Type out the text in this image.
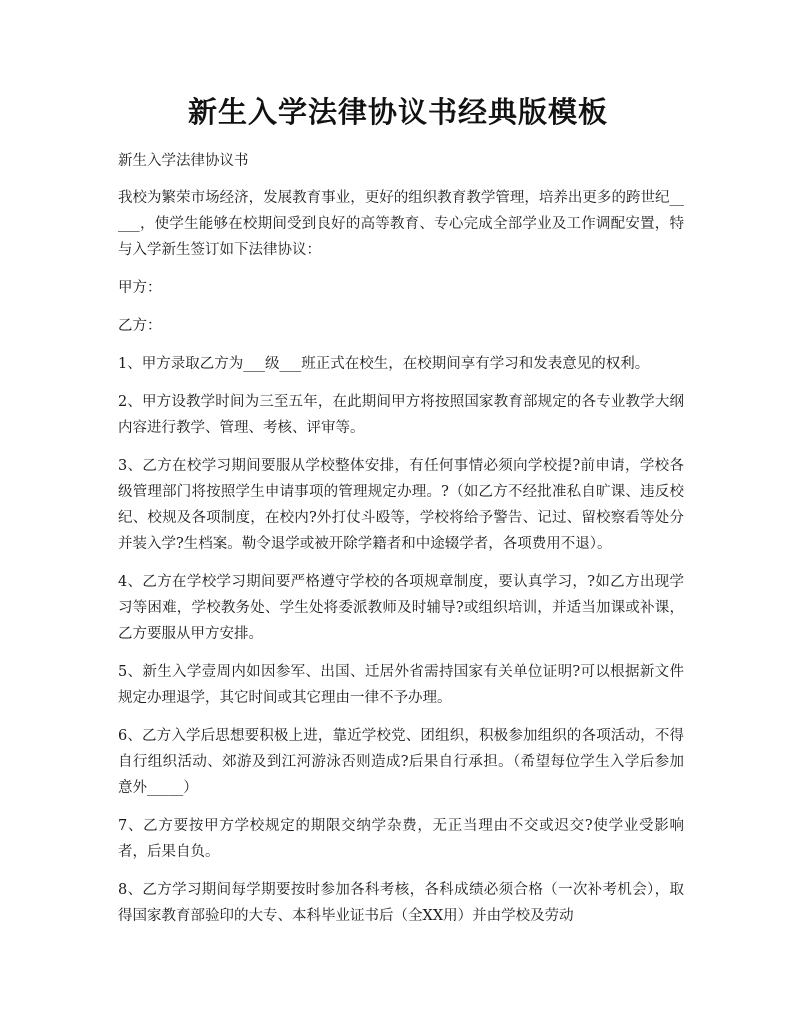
新生入学法律协议书经典版模板

新生入学法律协议书

我校为繁荣市场经济，发展教育事业，更好的组织教育教学管理，培养出更多的跨世纪_____，使学生能够在校期间受到良好的高等教育、专心完成全部学业及工作调配安置，特与入学新生签订如下法律协议：

甲方：

乙方：

1、甲方录取乙方为___级___班正式在校生，在校期间享有学习和发表意见的权利。

2、甲方设教学时间为三至五年，在此期间甲方将按照国家教育部规定的各专业教学大纲内容进行教学、管理、考核、评审等。

3、乙方在校学习期间要服从学校整体安排，有任何事情必须向学校提?前申请，学校各级管理部门将按照学生申请事项的管理规定办理。?（如乙方不经批准私自旷课、违反校纪、校规及各项制度，在校内?外打仗斗殴等，学校将给予警告、记过、留校察看等处分并装入学?生档案。勒令退学或被开除学籍者和中途辍学者，各项费用不退）。

4、乙方在学校学习期间要严格遵守学校的各项规章制度，要认真学习，?如乙方出现学习等困难，学校教务处、学生处将委派教师及时辅导?或组织培训，并适当加课或补课，乙方要服从甲方安排。

5、新生入学壹周内如因参军、出国、迁居外省需持国家有关单位证明?可以根据新文件规定办理退学，其它时间或其它理由一律不予办理。

6、乙方入学后思想要积极上进，靠近学校党、团组织，积极参加组织的各项活动，不得自行组织活动、郊游及到江河游泳否则造成?后果自行承担。（希望每位学生入学后参加意外_____）

7、乙方要按甲方学校规定的期限交纳学杂费，无正当理由不交或迟交?使学业受影响者，后果自负。

8、乙方学习期间每学期要按时参加各科考核，各科成绩必须合格（一次补考机会），取得国家教育部验印的大专、本科毕业证书后（全XX用）并由学校及劳动
